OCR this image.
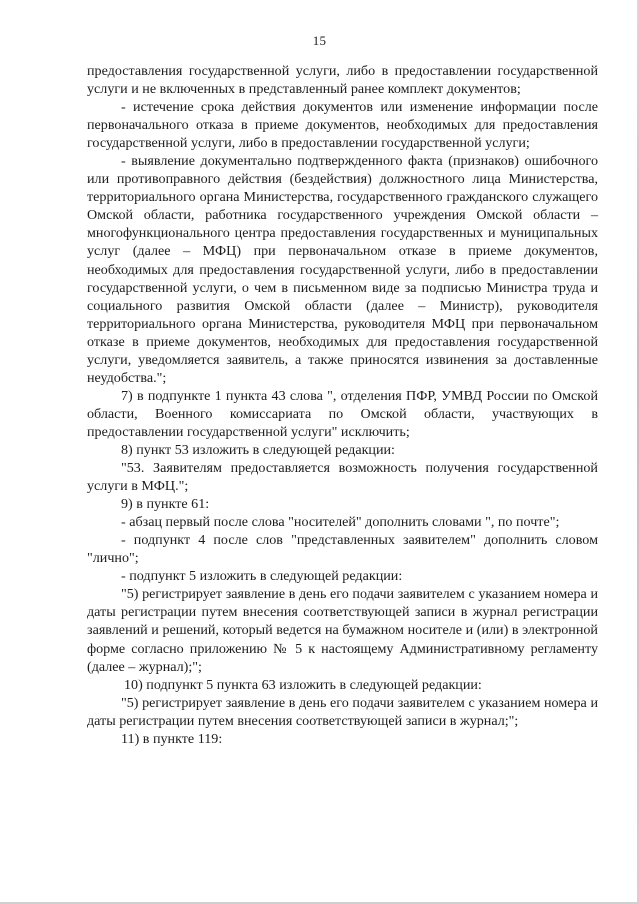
15

предоставления государственной услуги, либо в предоставлении государственной услуги и не включенных в представленный ранее комплект документов;

- истечение срока действия документов или изменение информации после первоначального отказа в приеме документов, необходимых для предоставления государственной услуги, либо в предоставлении государственной услуги;

- выявление документально подтвержденного факта (признаков) ошибочного или противоправного действия (бездействия) должностного лица Министерства, территориального органа Министерства, государственного гражданского служащего Омской области, работника государственного учреждения Омской области – многофункционального центра предоставления государственных и муниципальных услуг (далее – МФЦ) при первоначальном отказе в приеме документов, необходимых для предоставления государственной услуги, либо в предоставлении государственной услуги, о чем в письменном виде за подписью Министра труда и социального развития Омской области (далее – Министр), руководителя территориального органа Министерства, руководителя МФЦ при первоначальном отказе в приеме документов, необходимых для предоставления государственной услуги, уведомляется заявитель, а также приносятся извинения за доставленные неудобства.";

7) в подпункте 1 пункта 43 слова ", отделения ПФР, УМВД России по Омской области, Военного комиссариата по Омской области, участвующих в предоставлении государственной услуги" исключить;

8) пункт 53 изложить в следующей редакции:

"53. Заявителям предоставляется возможность получения государственной услуги в МФЦ.";

9) в пункте 61:

- абзац первый после слова "носителей" дополнить словами ", по почте";

- подпункт 4 после слов "представленных заявителем" дополнить словом "лично";

- подпункт 5 изложить в следующей редакции:

"5) регистрирует заявление в день его подачи заявителем с указанием номера и даты регистрации путем внесения соответствующей записи в журнал регистрации заявлений и решений, который ведется на бумажном носителе и (или) в электронной форме согласно приложению № 5 к настоящему Административному регламенту (далее – журнал);";

10) подпункт 5 пункта 63 изложить в следующей редакции:

"5) регистрирует заявление в день его подачи заявителем с указанием номера и даты регистрации путем внесения соответствующей записи в журнал;";

11) в пункте 119:
